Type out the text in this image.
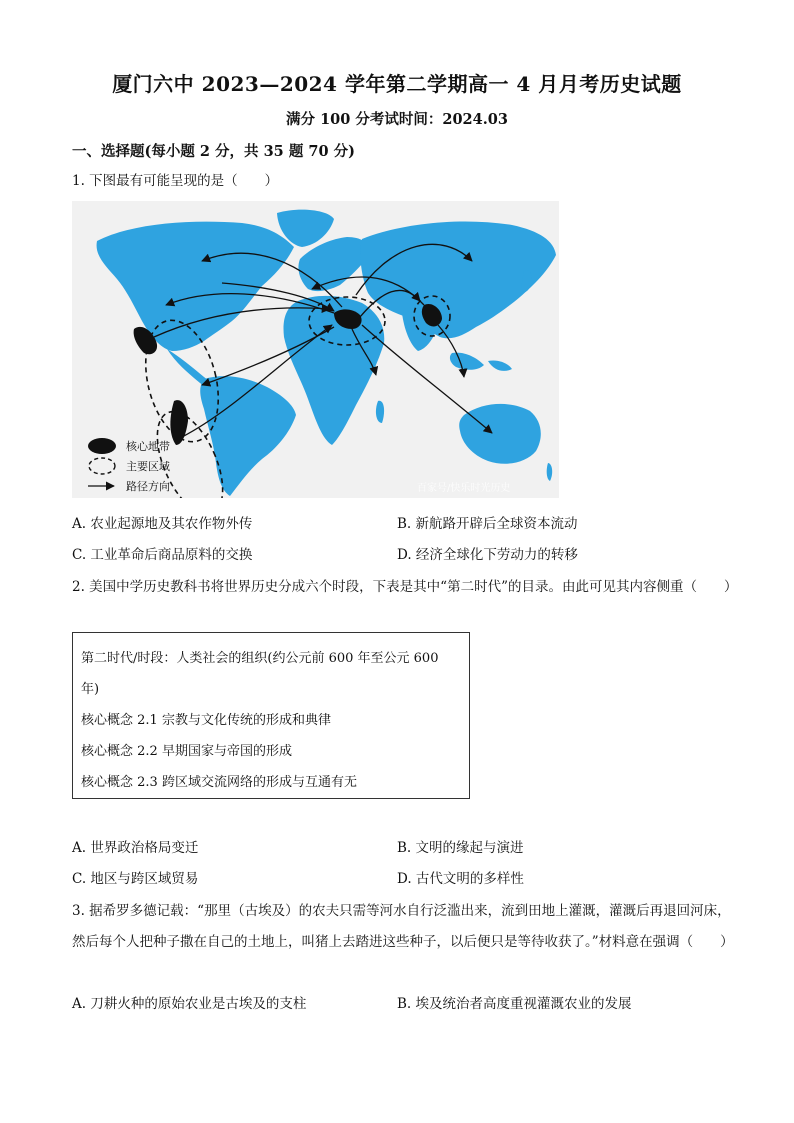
厦门六中 2023—2024 学年第二学期高一 4 月月考历史试题
满分 100 分考试时间：2024.03
一、选择题(每小题 2 分，共 35 题 70 分)
1. 下图最有可能呈现的是（　　）
核心地带
主要区域
路径方向	百家号/快乐时光历史
A. 农业起源地及其农作物外传	B. 新航路开辟后全球资本流动
C. 工业革命后商品原料的交换	D. 经济全球化下劳动力的转移
2. 美国中学历史教科书将世界历史分成六个时段，下表是其中“第二时代”的目录。由此可见其内容侧重（　　）
第二时代/时段：人类社会的组织(约公元前 600 年至公元 600
年)
核心概念 2.1 宗教与文化传统的形成和典律
核心概念 2.2 早期国家与帝国的形成
核心概念 2.3 跨区域交流网络的形成与互通有无
A. 世界政治格局变迁	B. 文明的缘起与演进
C. 地区与跨区域贸易	D. 古代文明的多样性
3. 据希罗多德记载：“那里（古埃及）的农夫只需等河水自行泛滥出来，流到田地上灌溉，灌溉后再退回河床，然后每个人把种子撒在自己的土地上，叫猪上去踏进这些种子，以后便只是等待收获了。”材料意在强调（　　）
A. 刀耕火种的原始农业是古埃及的支柱	B. 埃及统治者高度重视灌溉农业的发展
